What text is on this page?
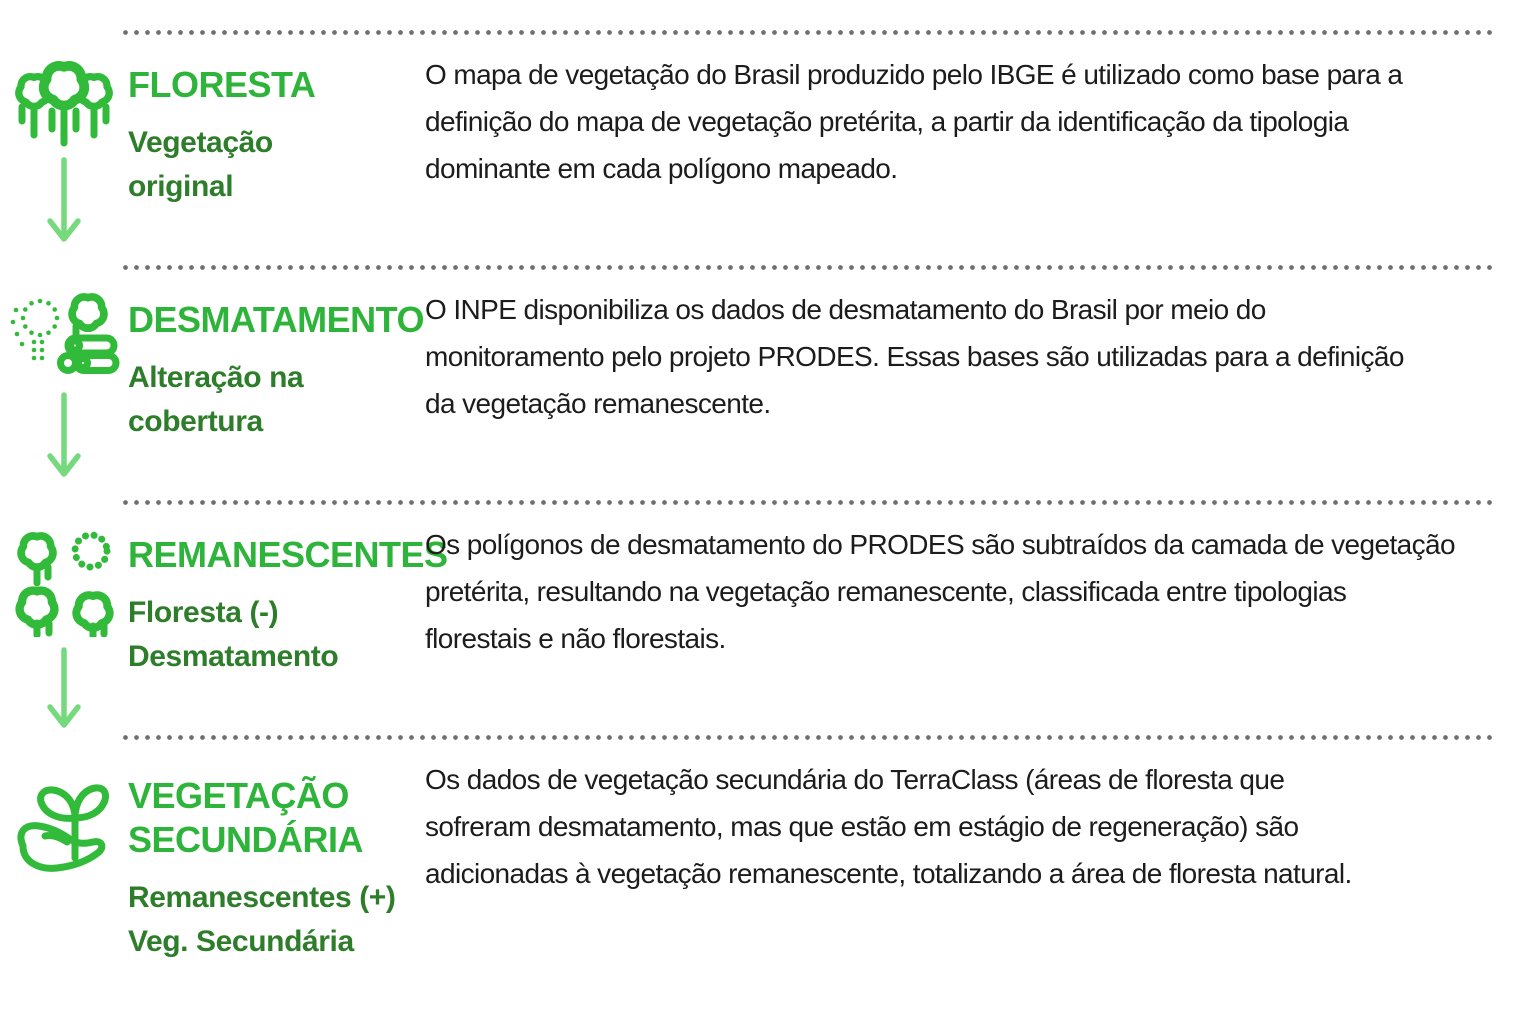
FLORESTA
Vegetação
original
O mapa de vegetação do Brasil produzido pelo IBGE é utilizado como base para a
definição do mapa de vegetação pretérita, a partir da identificação da tipologia
dominante em cada polígono mapeado.
DESMATAMENTO
Alteração na
cobertura
O INPE disponibiliza os dados de desmatamento do Brasil por meio do
monitoramento pelo projeto PRODES. Essas bases são utilizadas para a definição
da vegetação remanescente.
REMANESCENTES
Floresta (-)
Desmatamento
Os polígonos de desmatamento do PRODES são subtraídos da camada de vegetação
pretérita, resultando na vegetação remanescente, classificada entre tipologias
florestais e não florestais.
VEGETAÇÃO
SECUNDÁRIA
Remanescentes (+)
Veg. Secundária
Os dados de vegetação secundária do TerraClass (áreas de floresta que
sofreram desmatamento, mas que estão em estágio de regeneração) são
adicionadas à vegetação remanescente, totalizando a área de floresta natural.
